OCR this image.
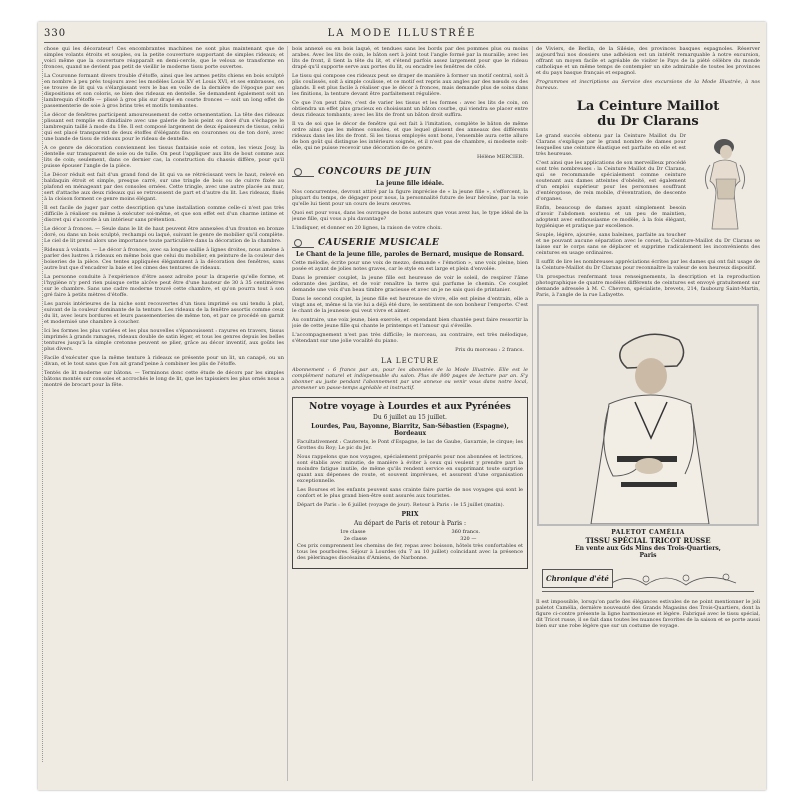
330	LA MODE ILLUSTRÉE

chose qui les décorateur! Ces encombrantes machines ne sont plus maintenant que de simples volants étroits et souples, ou la petite couverture supportant de simples rideaux; et voici même que la couverture réapparaît en demi-cercle, que le veloux se transforme en fronces, quand ne devient pas petit de vieillir le moderne tissu porte ouvertes.

La Couronne formant divers trouble d'étoffe, ainsi que les armes petits chiens en bois sculpté en nombre à peu près toujours avec les modèles Louis XV et Louis XVI, et ses embrasses, on se trouve de lit qui va s'élargissant vers le bas en voile de la dernière de l'époque par ses dispositions et son coloris, se bien des rideaux en dentelle. Se demandent également soit un lambrequin d'étoffe — plissé à gros plis sur drapé en courte fronces — soit un long effet de passementerie de soie à gros brins très et motifs tombantes.

Le décor de fenêtres participent amoureusement de cette ornementation. La tête des rideaux plissant est remplie en dimidiaire avec une galerie de bois peint ou doré d'un s'échappe le lambrequin taillé à mode du 18e. Il est composé largement de deux épaisseurs de tissus, celui qui est placé transparent de deux étoffes d'élégants fins en couronnes ou de ton doré, avec une bande de tissu de rideaux pour le rideau de dentelle.

A ce genre de décoration conviennent les tissus fantaisie soie et coton, les vieux Jouy, la dentelle sur transparent de soie ou de tulle. On peut l'appliquer aux lits de bout comme aux lits de coin; seulement, dans ce dernier cas, la construction du chassis diffère, pour qu'il puisse épouser l'angle de la pièce.

Le Décor réduit est fait d'un grand fond de lit qui va se rétrécissant vers le haut, relevé en baldaquin étroit et simple, presque carré, sur une tringle de bois ou de cuivre fixée au plafond en ménageant par des consoles ornées. Cette tringle, avec une autre placée au mur, sert d'attache aux deux rideaux qui se retroussent de part et d'autre du lit. Les rideaux, fixés à la cloison forment ce genre moins élégant.

Il est facile de juger par cette description qu'une installation comme celle-ci n'est pas très difficile à réaliser ou même à exécuter soi-même, et que son effet est d'un charme intime et discret qui s'accorde à un intérieur sans prétention.

Le décor à fronces. — Seule dans le lit de haut peuvent être annexées d'un fronton en bronze doré, ou dans un bois sculpté, rechampi ou laqué, suivant le genre de mobilier qu'il complète. Le ciel de lit prend alors une importance toute particulière dans la décoration de la chambre.

Rideaux à volants. — Le décor à fronces, avec sa longue saillie à lignes droites, nous amène à parler des lustres à rideaux en même bois que celui du mobilier, en peinture de la couleur des boiseries de la pièce. Ces tentes appliquées élégamment à la décoration des fenêtres, sans autre but que d'encadrer la baie et les cimes des tentures de rideaux.

La personne conduite à l'expérience d'être assez adroite pour la draperie qu'elle forme, et l'hygiène n'y perd rien puisque cette alcôve peut être d'une hauteur de 30 à 35 centimètres sur le chambre. Sans une cadre moderne trouvé cette chambre, et qu'on pourra tout à son gré faire à petits mètres d'étoffe.

Les parois intérieures de la niche sont recouvertes d'un tissu imprimé ou uni tendu à plat, suivant de la couleur dominante de la tenture. Les rideaux de la fenêtre assortis comme ceux du lit, avec leurs bordures et leurs passementeries de même ton, et par ce procédé on garnit et modernisé une chambre à coucher.

Ici les formes les plus variées et les plus nouvelles s'épanouissent : rayures en travers, tissus imprimés à grands ramages, rideaux double de satin léger, et tous les genres depuis les belles tentures jusqu'à la simple cretonne peuvent se plier, grâce au décor inventif, aux goûts les plus divers.

Facile d'exécuter que la même tenture à rideaux se présente pour un lit, un canapé, ou un divan, et le tout sans que l'on ait grand'peine à combiner les plis de l'étoffe.

Tentés de lit moderne sur bâtons. — Terminons donc cette étude de décors par les simples bâtons montés sur consoles et accrochés le long de lit, que les tapissiers les plus ornés nous a montré de brocart pour la fête.

bois annexé ou en bois laqué, et tendues sans les bords par des pommes plus ou moins arabes. Avec les lits de coin, le bâton sert à joint tout l'angle formé par la muraille; avec les lits de front, il tient la tête du lit, et s'étend parfois assez largement pour que le rideau drapé qu'il supporte serve aux portes du lit, ou encadre les fenêtres de côté.

Le tissu qui compose ces rideaux peut se draper de manière à former un motif central, soit à plis coulissés, soit à simple coulisse, et ce motif est repris aux angles par des nœuds ou des glands. Il est plus facile à réaliser que le décor à fronces, mais demande plus de soins dans les finitions, la tenture devant être parfaitement régulière.

Ce que l'on peut faire, c'est de varier les tissus et les formes : avec les lits de coin, on obtiendra un effet plus gracieux en choisissant un bâton courbe, qui viendra se placer entre deux rideaux tombants; avec les lits de front un bâton droit suffira.

Il va de soi que le décor de fenêtre qui est fait à l'imitation, complète le bâton de même ordre ainsi que les mêmes consoles, et que lequel glissent des anneaux des différents rideaux dans les lits de front. Si les tissus employés sont bons, l'ensemble aura cette allure de bon goût qui distingue les intérieurs soignés, et il n'est pas de chambre, si modeste soit-elle, qui ne puisse recevoir une décoration de ce genre.

Hélène MERCIER.
CONCOURS DE JUIN
La jeune fille idéale.

Nos concurrentes, devront attiré par la figure imprécise de « la jeune fille », s'efforcent, la plupart du temps, de dégager pour nous, la personnalité future de leur héroïne, par la voie qu'elle lui tient pour un cours de leurs œuvres.

Quoi est pour vous, dans les ouvrages de bons auteurs que vous avez lus, le type idéal de la jeune fille, qui vous a plu davantage?

L'indiquer, et donner en 20 lignes, la raison de votre choix.

CAUSERIE MUSICALE
Le Chant de la jeune fille, paroles de Bernard, musique de Ronsard.

Cette mélodie, écrite pour une voix de mezzo, demande « l'émotion », une voix pleine, bien posée et ayant de jolies notes graves, car le style en est large et plein d'envolée.

Dans le premier couplet, la jeune fille est heureuse de voir le soleil, de respirer l'âme odorante des jardins, et de voir renaître la terre qui parfume le chemin. Ce couplet demande une voix d'un beau timbre gracieuse et avec un je ne sais quoi de printanier.

Dans le second couplet, la jeune fille est heureuse de vivre, elle est pleine d'entrain, elle a vingt ans et, même si la vie lui a déjà été dure, le sentiment de son bonheur l'emporte. C'est le chant de la jeunesse qui veut vivre et aimer.

Au contraire, une voix jeune, bien exercée, et cependant bien chantée peut faire ressortir la joie de cette jeune fille qui chante le printemps et l'amour qui s'éveille.

L'accompagnement n'est pas très difficile; le morceau, au contraire, est très mélodique, s'étendant sur une jolie vocalité du piano.

Prix du morceau : 2 francs.
LA LECTURE

Abonnement : 6 francs par an, pour les abonnées de la Mode Illustrée. Elle est le complément naturel et indispensable du salon. Plus de 800 pages de lecture par an. S'y abonner au juste pendant l'abonnement par une annexe ou venir vous dans notre local, promener un passe-temps agréable et instructif.

Notre voyage à Lourdes et aux Pyrénées
Du 6 juillet au 15 juillet.
Lourdes, Pau, Bayonne, Biarritz, San-Sébastien (Espagne), Bordeaux

Facultativement : Cauterets, le Pont d'Espagne, le lac de Gaube, Gavarnie, le cirque; les Grottes du Roy; Le pic du Jer.

Nous rappelons que nos voyages, spécialement préparés pour nos abonnées et lectrices, sont établis avec minutie, de manière à éviter à ceux qui veulent y prendre part la moindre fatigue inutile, de même qu'ils rendent service en supprimant toute surprise quant aux dépenses de route, et souvent imprévues, et assurent d'une organisation exceptionnelle.

Les Bourses et les enfants peuvent sans crainte faire partie de nos voyages qui sont le confort et le plus grand bien-être sont assurés aux touristes.

Départ de Paris : le 6 juillet (voyage de jour). Retour à Paris : le 15 juillet (matin).

PRIX
Au départ de Paris et retour à Paris :
1re classe	360 francs.
2e classe	320 —

Ces prix comprennent les chemins de fer, repas avec boisson, hôtels très confortables et tous les pourboires. Séjour à Lourdes (du 7 au 10 juillet) coïncidant avec la présence des pèlerinages diocésains d'Amiens, de Narbonne.

de Viviers, de Berlin, de la Silésie, des provinces basques espagnoles. Réserver aujourd'hui nos dossiers une adhésion est un intérêt remarquable à notre excursion, offrant un moyen facile et agréable de visiter le Pays de la piété célèbre du monde catholique et un même temps de contempler un site admirable de toutes les provinces et du pays basque français et espagnol.

Programmes et inscriptions au Service des excursions de la Mode Illustrée, à nos bureaux.

La Ceinture Maillot
du Dr Clarans

Le grand succès obtenu par la Ceinture Maillot du Dr Clarans s'explique par le grand nombre de dames pour lesquelles une ceinture élastique est parfaite en elle et est très heureuse.

C'est ainsi que les applications de son merveilleux procédé sont très nombreuses : la Ceinture Maillot du Dr Clarans, qui se recommande spécialement comme ceinture soutenant aux dames atteintes d'obésité, est également d'un emploi supérieur pour les personnes souffrant d'entéroptose, de rein mobile, d'éventration, de descente d'organes.

Enfin, beaucoup de dames ayant simplement besoin d'avoir l'abdomen soutenu et un peu de maintien, adoptent avec enthousiasme ce modèle, à la fois élégant, hygiénique et pratique par excellence.

Souple, légère, ajourée, sans baleines, parfaite au toucher et ne pouvant aucune séparation avec le corset, la Ceinture-Maillot du Dr Clarans se laisse sur le corps sans se déplacer et supprime radicalement les inconvénients des ceintures en usage ordinaires.

Il suffit de lire les nombreuses appréciations écrites par les dames qui ont fait usage de la Ceinture-Maillot du Dr Clarans pour reconnaître la valeur de son heureux dispositif.

Un prospectus renfermant tous renseignements, la description et la reproduction photographique de quatre modèles différents de ceintures est envoyé gratuitement sur demande adressée à M. C. Chevron, spécialiste, brevets, 214, faubourg Saint-Martin, Paris, à l'angle de la rue Lafayette.

PALETOT CAMÉLIA
TISSU SPÉCIAL TRICOT RUSSE
En vente aux Gds Mins des Trois-Quartiers,
Paris
Chronique d'été

Il est impossible, lorsqu'on parle des élégances estivales de ne point mentionner le joli paletot Camélia, dernière nouveauté des Grands Magasins des Trois-Quartiers, dont la figure ci-contre présente la ligne harmonieuse et légère. Fabriqué avec le tissu spécial, dit Tricot russe, il se fait dans toutes les nuances favorites de la saison et se porte aussi bien sur une robe légère que sur un costume de voyage.
